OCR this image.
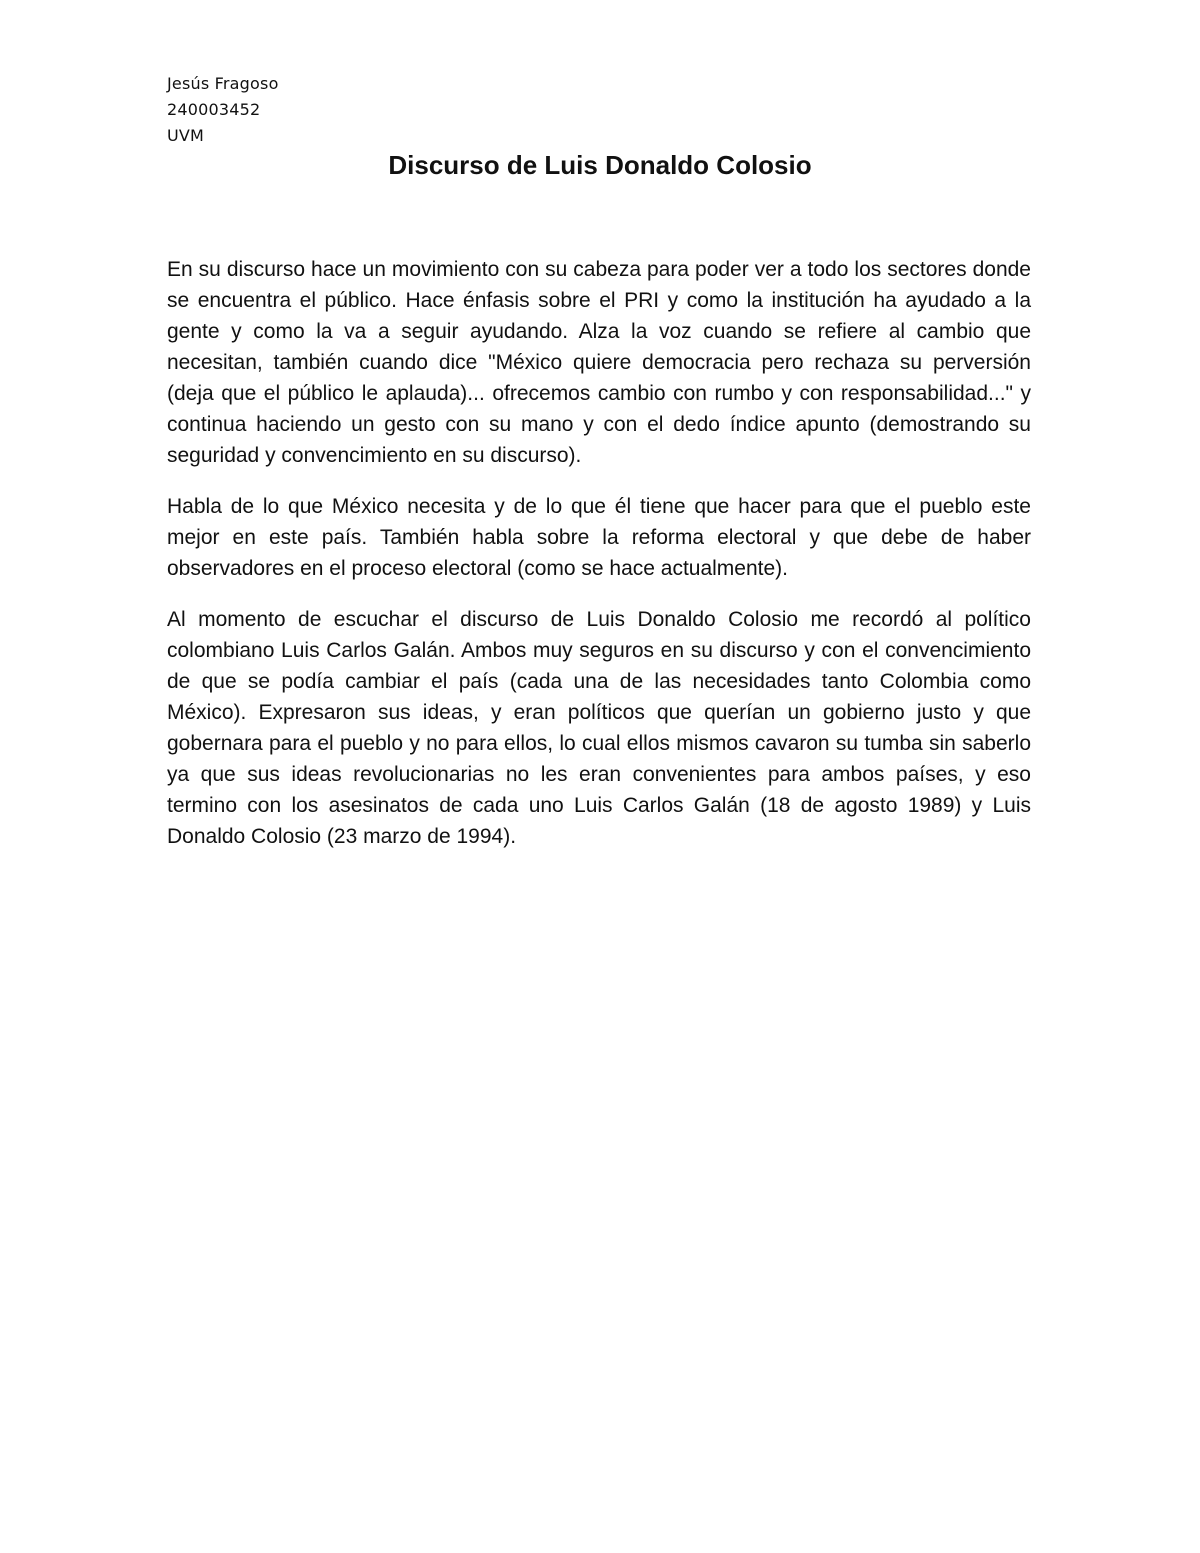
Jesús Fragoso
240003452
UVM
Discurso de Luis Donaldo Colosio

En su discurso hace un movimiento con su cabeza para poder ver a todo los sectores donde se encuentra el público. Hace énfasis sobre el PRI y como la institución ha ayudado a la gente y como la va a seguir ayudando. Alza la voz cuando se refiere al cambio que necesitan, también cuando dice "México quiere democracia pero rechaza su perversión (deja que el público le aplauda)... ofrecemos cambio con rumbo y con responsabilidad..." y continua haciendo un gesto con su mano y con el dedo índice apunto (demostrando su seguridad y convencimiento en su discurso).

Habla de lo que México necesita y de lo que él tiene que hacer para que el pueblo este mejor en este país. También habla sobre la reforma electoral y que debe de haber observadores en el proceso electoral (como se hace actualmente).

Al momento de escuchar el discurso de Luis Donaldo Colosio me recordó al político colombiano Luis Carlos Galán. Ambos muy seguros en su discurso y con el convencimiento de que se podía cambiar el país (cada una de las necesidades tanto Colombia como México). Expresaron sus ideas, y eran políticos que querían un gobierno justo y que gobernara para el pueblo y no para ellos, lo cual ellos mismos cavaron su tumba sin saberlo ya que sus ideas revolucionarias no les eran convenientes para ambos países, y eso termino con los asesinatos de cada uno Luis Carlos Galán (18 de agosto 1989) y Luis Donaldo Colosio (23 marzo de 1994).
